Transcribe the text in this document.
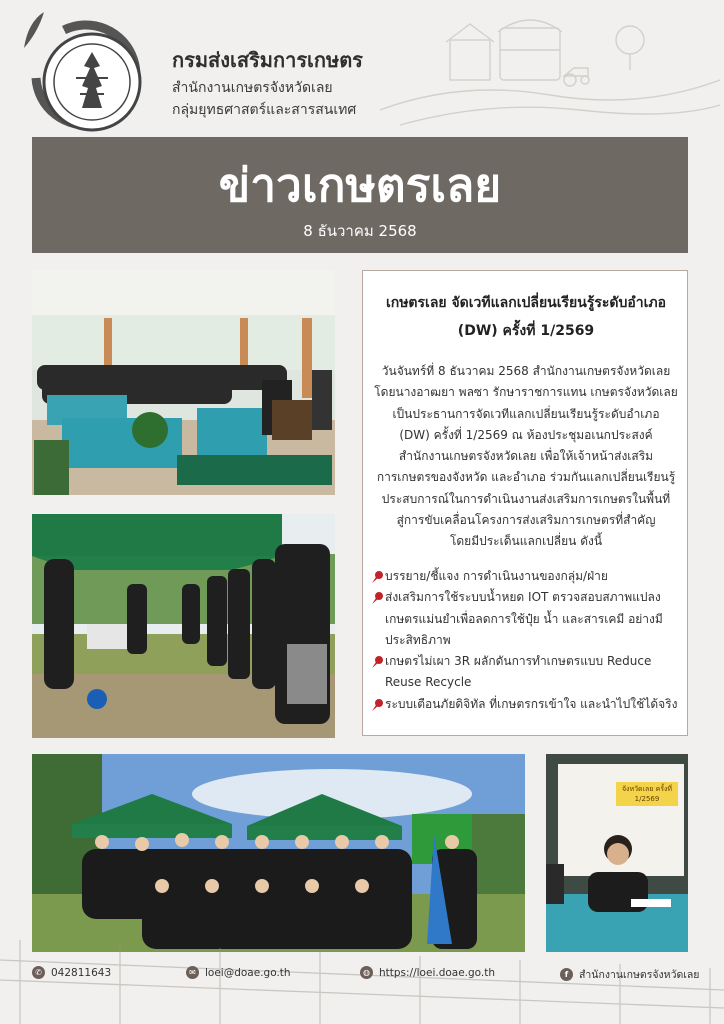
กรมส่งเสริมการเกษตร
สำนักงานเกษตรจังหวัดเลย
กลุ่มยุทธศาสตร์และสารสนเทศ
ข่าวเกษตรเลย
8 ธันวาคม 2568
เกษตรเลย จัดเวทีแลกเปลี่ยนเรียนรู้ระดับอำเภอ
(DW) ครั้งที่ 1/2569
วันจันทร์ที่ 8 ธันวาคม 2568 สำนักงานเกษตรจังหวัดเลย
โดยนางอาฒยา พลซา รักษาราชการแทน เกษตรจังหวัดเลย
เป็นประธานการจัดเวทีแลกเปลี่ยนเรียนรู้ระดับอำเภอ
(DW) ครั้งที่ 1/2569 ณ ห้องประชุมอเนกประสงค์
สำนักงานเกษตรจังหวัดเลย เพื่อให้เจ้าหน้าส่งเสริม
การเกษตรของจังหวัด และอำเภอ ร่วมกันแลกเปลี่ยนเรียนรู้
ประสบการณ์ในการดำเนินงานส่งเสริมการเกษตรในพื้นที่
สู่การขับเคลื่อนโครงการส่งเสริมการเกษตรที่สำคัญ
โดยมีประเด็นแลกเปลี่ยน ดังนี้
บรรยาย/ชี้แจง การดำเนินงานของกลุ่ม/ฝ่าย
ส่งเสริมการใช้ระบบน้ำหยด IOT ตรวจสอบสภาพแปลง เกษตรแม่นยำเพื่อลดการใช้ปุ๋ย น้ำ และสารเคมี อย่างมีประสิทธิภาพ
เกษตรไม่เผา 3R ผลักดันการทำเกษตรแบบ Reduce Reuse Recycle
ระบบเตือนภัยดิจิทัล ที่เกษตรกรเข้าใจ และนำไปใช้ได้จริง
จังหวัดเลย ครั้งที่ 1/2569
✆ 042811643	✉ loei@doae.go.th	◍ https://loei.doae.go.th	f	สำนักงานเกษตรจังหวัดเลย
